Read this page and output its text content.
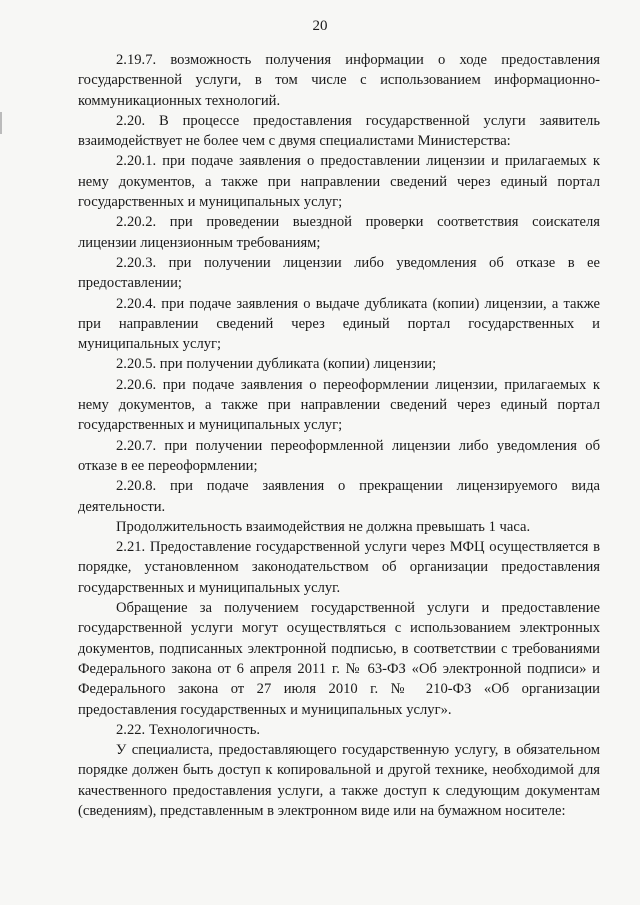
20

2.19.7. возможность получения информации о ходе предоставления государственной услуги, в том числе с использованием информационно-коммуникационных технологий.

2.20. В процессе предоставления государственной услуги заявитель взаимодействует не более чем с двумя специалистами Министерства:

2.20.1. при подаче заявления о предоставлении лицензии и прилагаемых к нему документов, а также при направлении сведений через единый портал государственных и муниципальных услуг;

2.20.2. при проведении выездной проверки соответствия соискателя лицензии лицензионным требованиям;

2.20.3. при получении лицензии либо уведомления об отказе в ее предоставлении;

2.20.4. при подаче заявления о выдаче дубликата (копии) лицензии, а также при направлении сведений через единый портал государственных и муниципальных услуг;

2.20.5. при получении дубликата (копии) лицензии;

2.20.6. при подаче заявления о переоформлении лицензии, прилагаемых к нему документов, а также при направлении сведений через единый портал государственных и муниципальных услуг;

2.20.7. при получении переоформленной лицензии либо уведомления об отказе в ее переоформлении;

2.20.8. при подаче заявления о прекращении лицензируемого вида деятельности.

Продолжительность взаимодействия не должна превышать 1 часа.

2.21. Предоставление государственной услуги через МФЦ осуществляется в порядке, установленном законодательством об организации предоставления государственных и муниципальных услуг.

Обращение за получением государственной услуги и предоставление государственной услуги могут осуществляться с использованием электронных документов, подписанных электронной подписью, в соответствии с требованиями Федерального закона от 6 апреля 2011 г. № 63-ФЗ «Об электронной подписи» и Федерального закона от 27 июля 2010 г. № 210-ФЗ «Об организации предоставления государственных и муниципальных услуг».

2.22. Технологичность.

У специалиста, предоставляющего государственную услугу, в обязательном порядке должен быть доступ к копировальной и другой технике, необходимой для качественного предоставления услуги, а также доступ к следующим документам (сведениям), представленным в электронном виде или на бумажном носителе:
